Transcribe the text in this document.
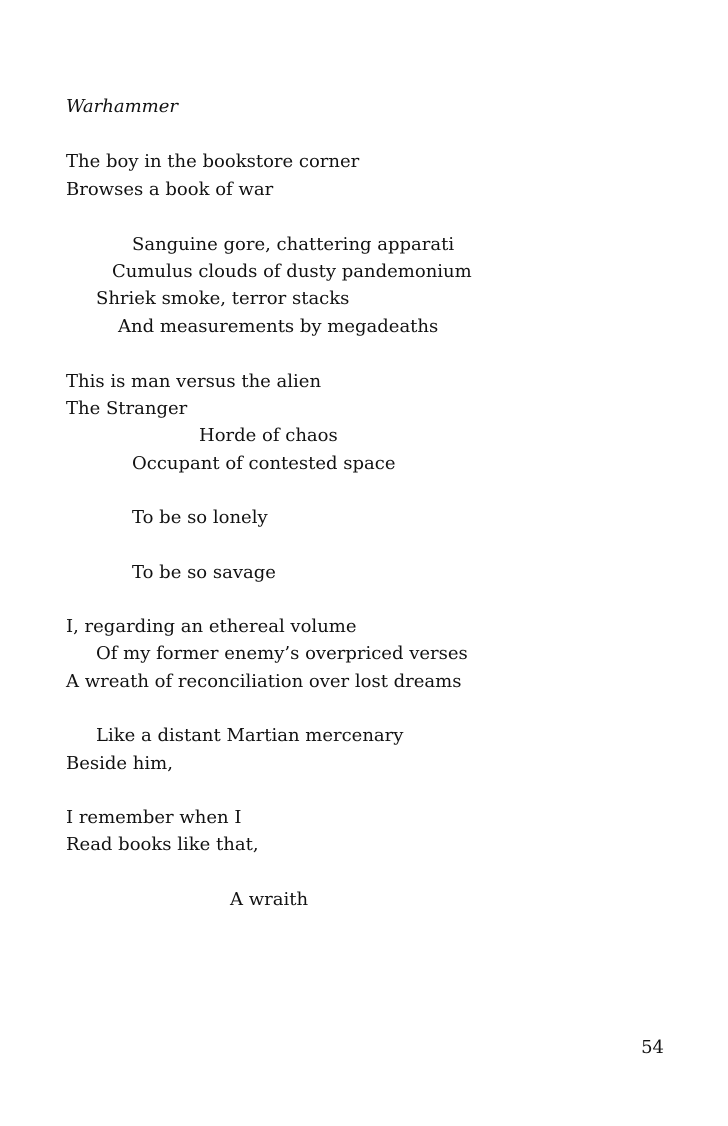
Warhammer

The boy in the bookstore corner

Browses a book of war

Sanguine gore, chattering apparati

Cumulus clouds of dusty pandemonium

Shriek smoke, terror stacks

And measurements by megadeaths

This is man versus the alien

The Stranger

Horde of chaos

Occupant of contested space

To be so lonely

To be so savage

I, regarding an ethereal volume

Of my former enemy’s overpriced verses

A wreath of reconciliation over lost dreams

Like a distant Martian mercenary

Beside him,

I remember when I

Read books like that,

A wraith

54
